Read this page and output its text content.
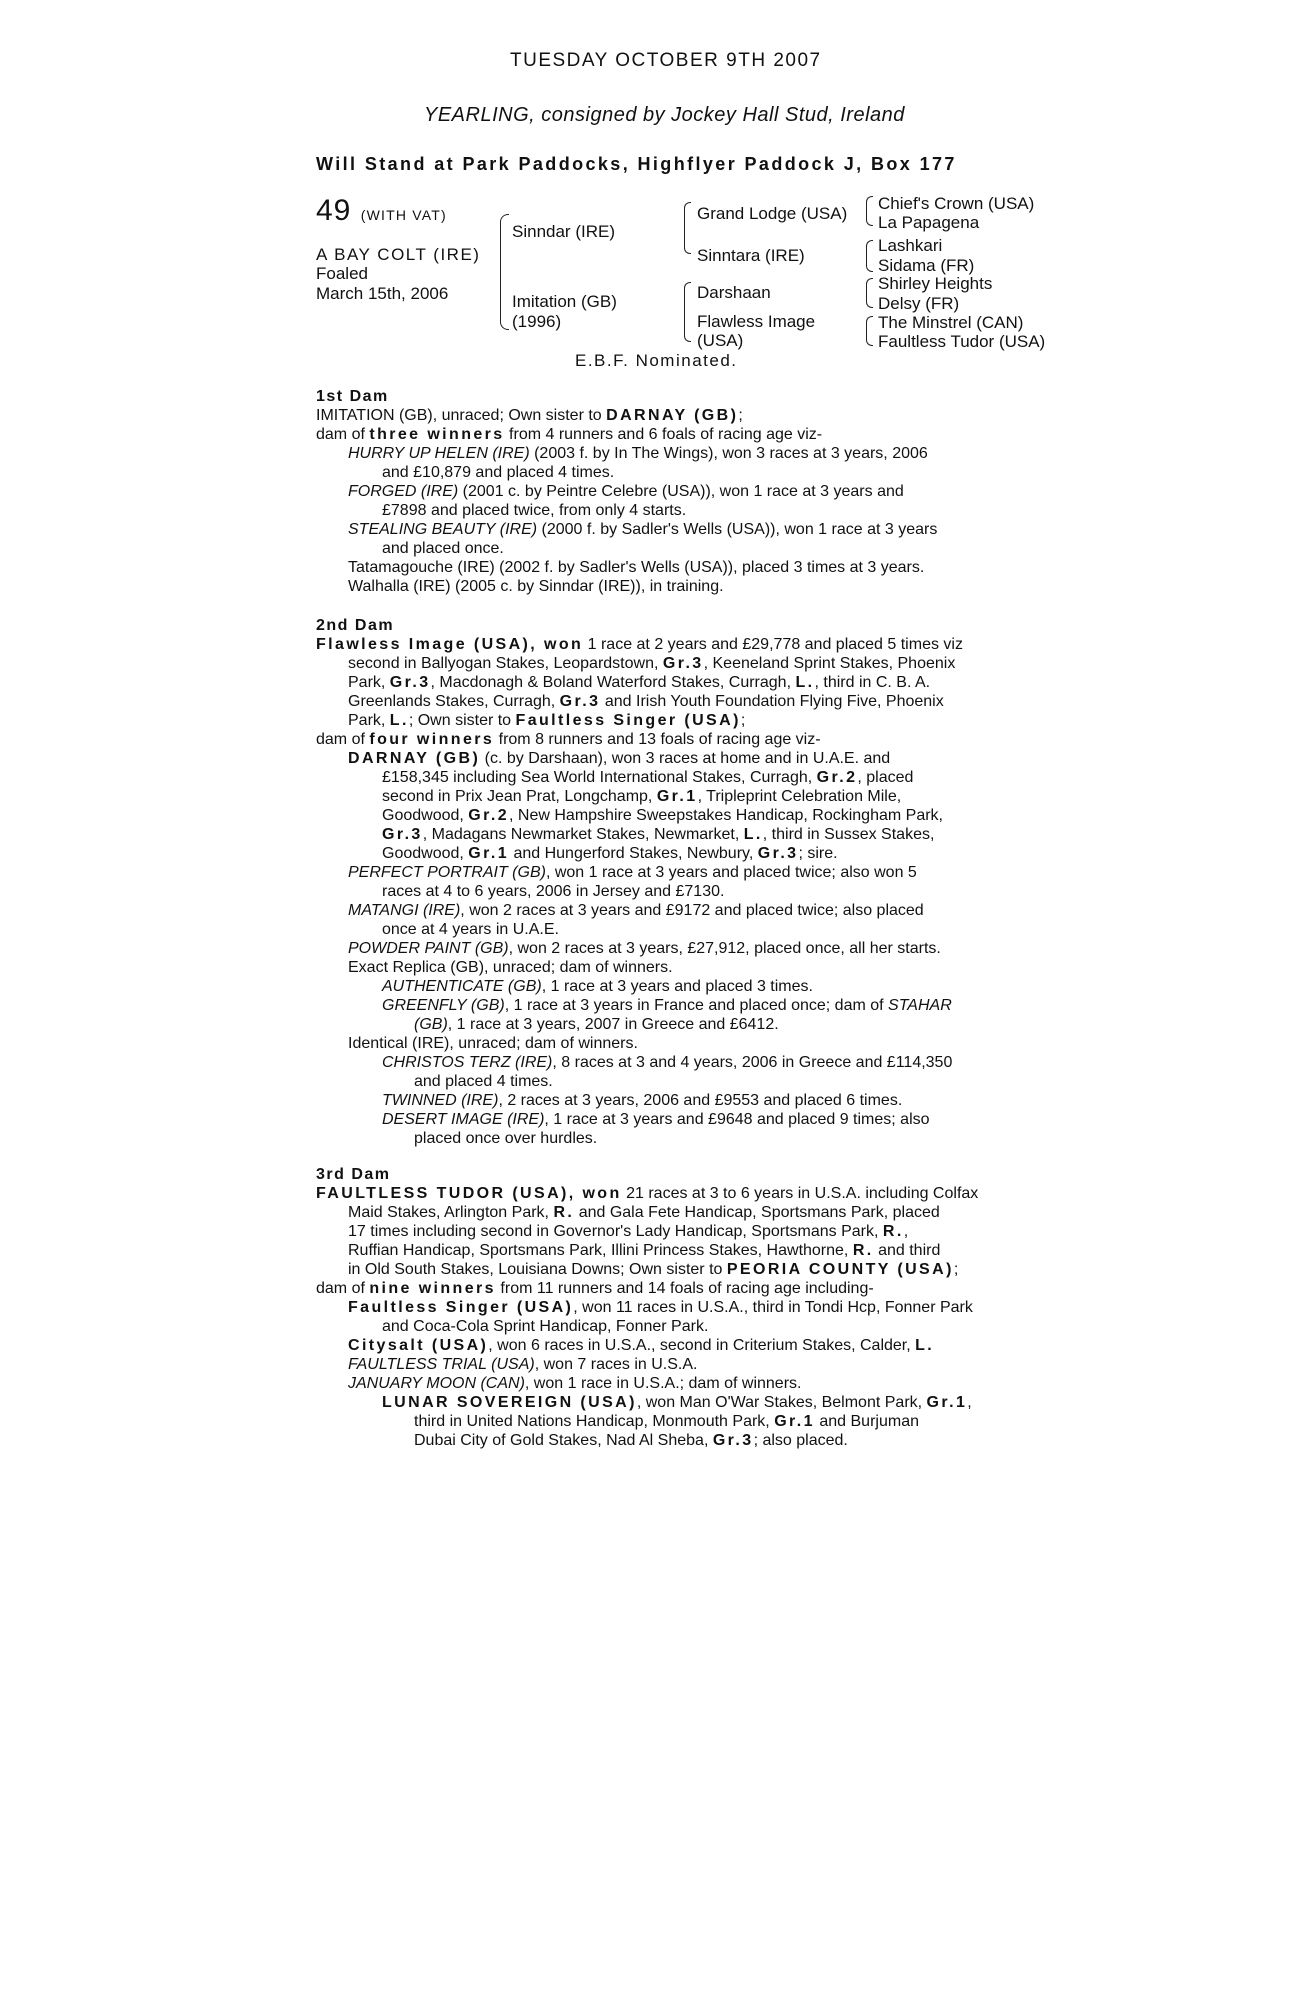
TUESDAY OCTOBER 9TH 2007
YEARLING, consigned by Jockey Hall Stud, Ireland
Will Stand at Park Paddocks, Highflyer Paddock J, Box 177
49 (WITH VAT)
A BAY COLT (IRE)
Foaled
March 15th, 2006
Sinndar (IRE)
Imitation (GB)
(1996)
Grand Lodge (USA)
Sinntara (IRE)
Darshaan
Flawless Image
(USA)
Chief's Crown (USA)
La Papagena
Lashkari
Sidama (FR)
Shirley Heights
Delsy (FR)
The Minstrel (CAN)
Faultless Tudor (USA)
E.B.F. Nominated.
1st Dam
IMITATION (GB), unraced; Own sister to DARNAY (GB);
dam of three winners from 4 runners and 6 foals of racing age viz-
HURRY UP HELEN (IRE) (2003 f. by In The Wings), won 3 races at 3 years, 2006
and £10,879 and placed 4 times.
FORGED (IRE) (2001 c. by Peintre Celebre (USA)), won 1 race at 3 years and
£7898 and placed twice, from only 4 starts.
STEALING BEAUTY (IRE) (2000 f. by Sadler's Wells (USA)), won 1 race at 3 years
and placed once.
Tatamagouche (IRE) (2002 f. by Sadler's Wells (USA)), placed 3 times at 3 years.
Walhalla (IRE) (2005 c. by Sinndar (IRE)), in training.
2nd Dam
Flawless Image (USA), won 1 race at 2 years and £29,778 and placed 5 times viz
second in Ballyogan Stakes, Leopardstown, Gr.3, Keeneland Sprint Stakes, Phoenix
Park, Gr.3, Macdonagh & Boland Waterford Stakes, Curragh, L., third in C. B. A.
Greenlands Stakes, Curragh, Gr.3 and Irish Youth Foundation Flying Five, Phoenix
Park, L.; Own sister to Faultless Singer (USA);
dam of four winners from 8 runners and 13 foals of racing age viz-
DARNAY (GB) (c. by Darshaan), won 3 races at home and in U.A.E. and
£158,345 including Sea World International Stakes, Curragh, Gr.2, placed
second in Prix Jean Prat, Longchamp, Gr.1, Tripleprint Celebration Mile,
Goodwood, Gr.2, New Hampshire Sweepstakes Handicap, Rockingham Park,
Gr.3, Madagans Newmarket Stakes, Newmarket, L., third in Sussex Stakes,
Goodwood, Gr.1 and Hungerford Stakes, Newbury, Gr.3; sire.
PERFECT PORTRAIT (GB), won 1 race at 3 years and placed twice; also won 5
races at 4 to 6 years, 2006 in Jersey and £7130.
MATANGI (IRE), won 2 races at 3 years and £9172 and placed twice; also placed
once at 4 years in U.A.E.
POWDER PAINT (GB), won 2 races at 3 years, £27,912, placed once, all her starts.
Exact Replica (GB), unraced; dam of winners.
AUTHENTICATE (GB), 1 race at 3 years and placed 3 times.
GREENFLY (GB), 1 race at 3 years in France and placed once; dam of STAHAR
(GB), 1 race at 3 years, 2007 in Greece and £6412.
Identical (IRE), unraced; dam of winners.
CHRISTOS TERZ (IRE), 8 races at 3 and 4 years, 2006 in Greece and £114,350
and placed 4 times.
TWINNED (IRE), 2 races at 3 years, 2006 and £9553 and placed 6 times.
DESERT IMAGE (IRE), 1 race at 3 years and £9648 and placed 9 times; also
placed once over hurdles.
3rd Dam
FAULTLESS TUDOR (USA), won 21 races at 3 to 6 years in U.S.A. including Colfax
Maid Stakes, Arlington Park, R. and Gala Fete Handicap, Sportsmans Park, placed
17 times including second in Governor's Lady Handicap, Sportsmans Park, R.,
Ruffian Handicap, Sportsmans Park, Illini Princess Stakes, Hawthorne, R. and third
in Old South Stakes, Louisiana Downs; Own sister to PEORIA COUNTY (USA);
dam of nine winners from 11 runners and 14 foals of racing age including-
Faultless Singer (USA), won 11 races in U.S.A., third in Tondi Hcp, Fonner Park
and Coca-Cola Sprint Handicap, Fonner Park.
Citysalt (USA), won 6 races in U.S.A., second in Criterium Stakes, Calder, L.
FAULTLESS TRIAL (USA), won 7 races in U.S.A.
JANUARY MOON (CAN), won 1 race in U.S.A.; dam of winners.
LUNAR SOVEREIGN (USA), won Man O'War Stakes, Belmont Park, Gr.1,
third in United Nations Handicap, Monmouth Park, Gr.1 and Burjuman
Dubai City of Gold Stakes, Nad Al Sheba, Gr.3; also placed.
